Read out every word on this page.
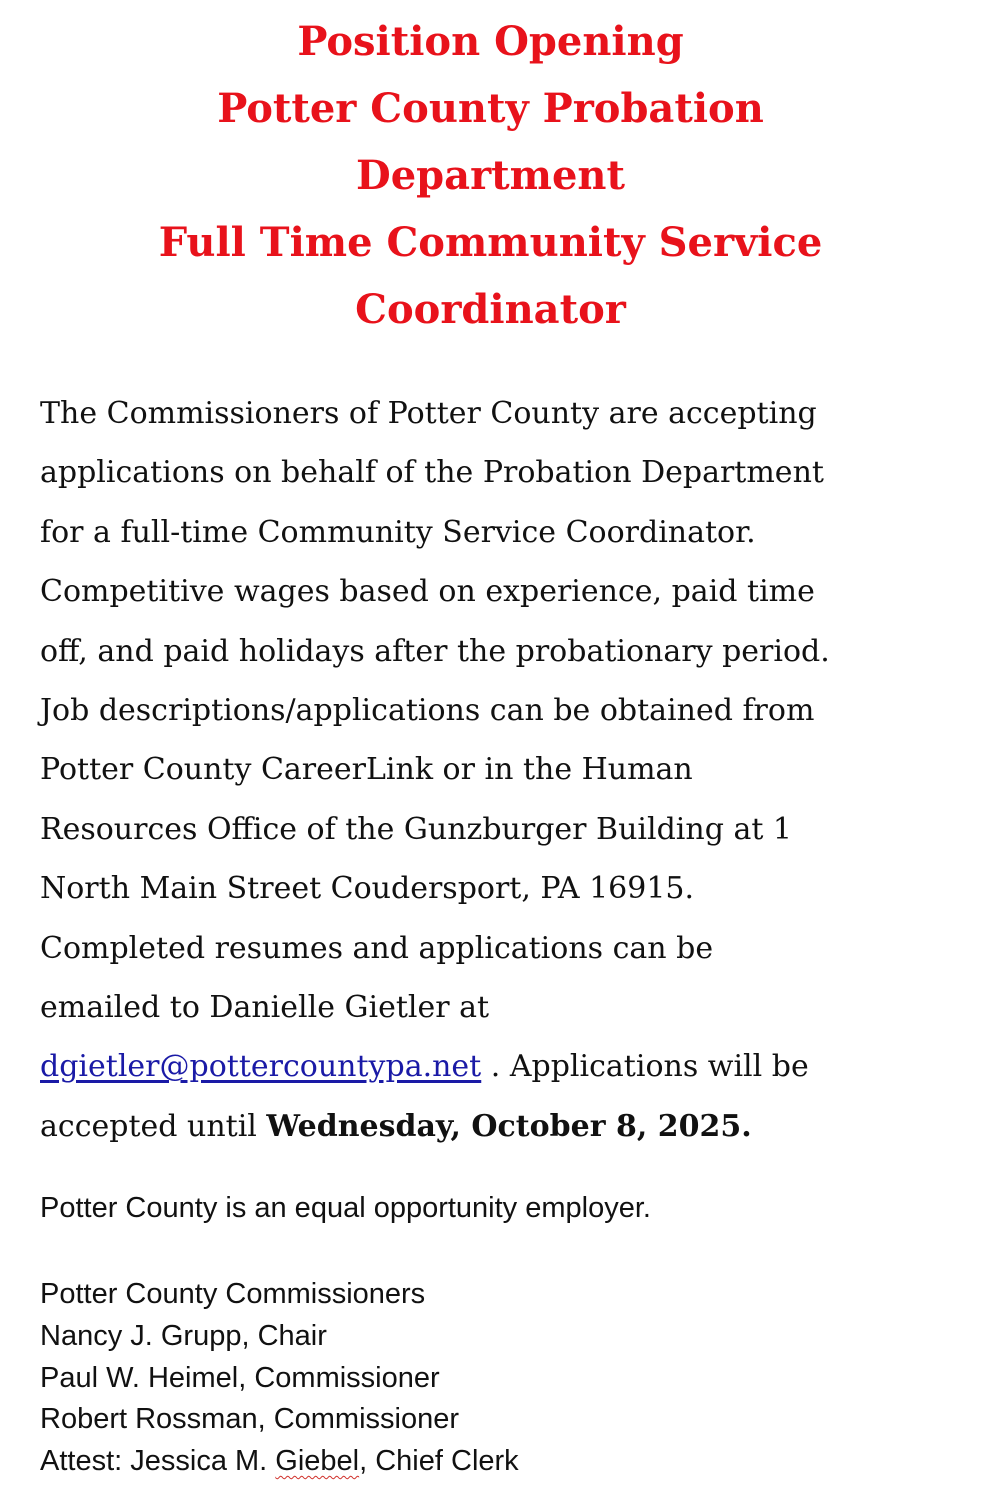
Position Opening
Potter County Probation
Department
Full Time Community Service
Coordinator
The Commissioners of Potter County are accepting
applications on behalf of the Probation Department
for a full-time Community Service Coordinator.
Competitive wages based on experience, paid time
off, and paid holidays after the probationary period.
Job descriptions/applications can be obtained from
Potter County CareerLink or in the Human
Resources Office of the Gunzburger Building at 1
North Main Street Coudersport, PA 16915.
Completed resumes and applications can be
emailed to Danielle Gietler at
dgietler@pottercountypa.net . Applications will be
accepted until Wednesday, October 8, 2025.
Potter County is an equal opportunity employer.
Potter County Commissioners
Nancy J. Grupp, Chair
Paul W. Heimel, Commissioner
Robert Rossman, Commissioner
Attest: Jessica M. Giebel, Chief Clerk
